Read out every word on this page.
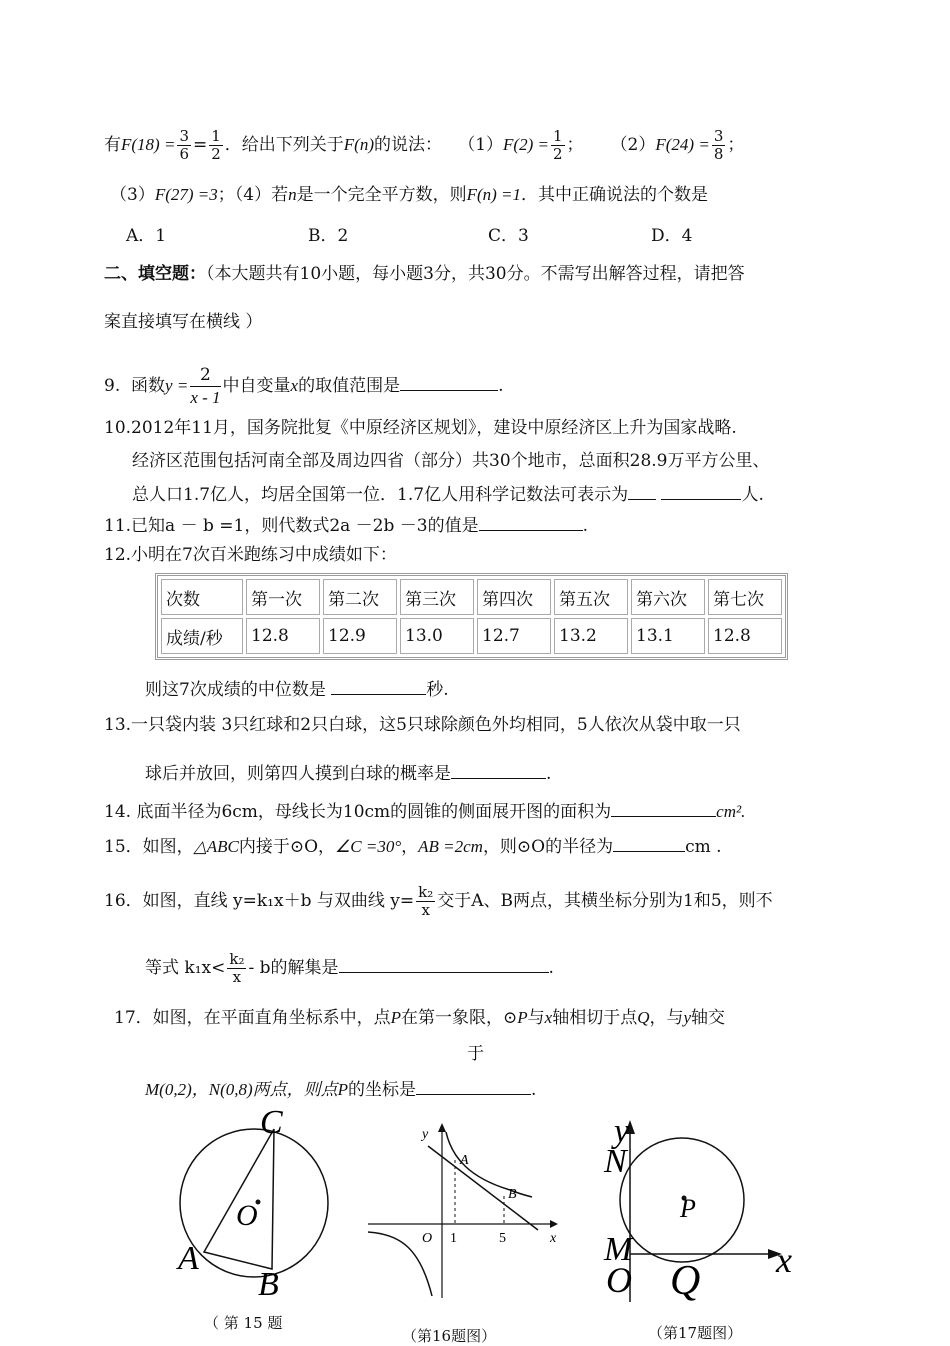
有$F(18) = \frac{3}{6} = \frac{1}{2}$ ．给出下列关于F(n)的说法： $(1)F(2) = \frac{1}{2}$ ； $(2)F(24) = \frac{3}{8}$ ；
（3）F(27) =3；（4）若n是一个完全平方数，则F(n) =1．其中正确说法的个数是
A．1	B．2	C．3	D．4
二、填空题：（本大题共有10小题，每小题3分，共30分。不需写出解答过程，请把答
案直接填写在横线 ）
9. 函数$y = \frac{2}{x - 1}$ 中自变量x的取值范围是	.
10.2012年11月，国务院批复《中原经济区规划》，建设中原经济区上升为国家战略.
经济区范围包括河南全部及周边四省（部分）共30个地市，总面积28.9万平方公里、
总人口1.7亿人，均居全国第一位．1.7亿人用科学记数法可表示为	人.
11.已知a － b =1，则代数式2a －2b －3的值是	.
12.小明在7次百米跑练习中成绩如下：
次数	第一次	第二次	第三次	第四次	第五次	第六次	第七次
成绩/秒	12.8	12.9	13.0	12.7	13.2	13.1	12.8
则这7次成绩的中位数是	秒.
13.一只袋内装 3只红球和2只白球，这5只球除颜色外均相同，5人依次从袋中取一只
球后并放回，则第四人摸到白球的概率是	.
14. 底面半径为6cm，母线长为10cm的圆锥的侧面展开图的面积为	cm².
15．如图，△ABC内接于⊙O，∠C =30°，AB =2cm，则⊙O的半径为	cm .
16．如图，直线 y=k₁x＋b 与双曲线 $y= \frac{\text{k₂}}{x}$ 交于A、B两点，其横坐标分别为1和5，则不
等式 $k_1x< \frac{\text{k₂}}{x} - b$的解集是	.
17．如图，在平面直角坐标系中，点P在第一象限，⊙P与x轴相切于点Q，与y轴交
于
M(0,2)，N(0,8)两点，则点P的坐标是	.
C
O
A
B
（ 第 15 题
y
x
O
A
B
1	5
（第16题图）
y
N
P
M
O Q x
（第17题图）
